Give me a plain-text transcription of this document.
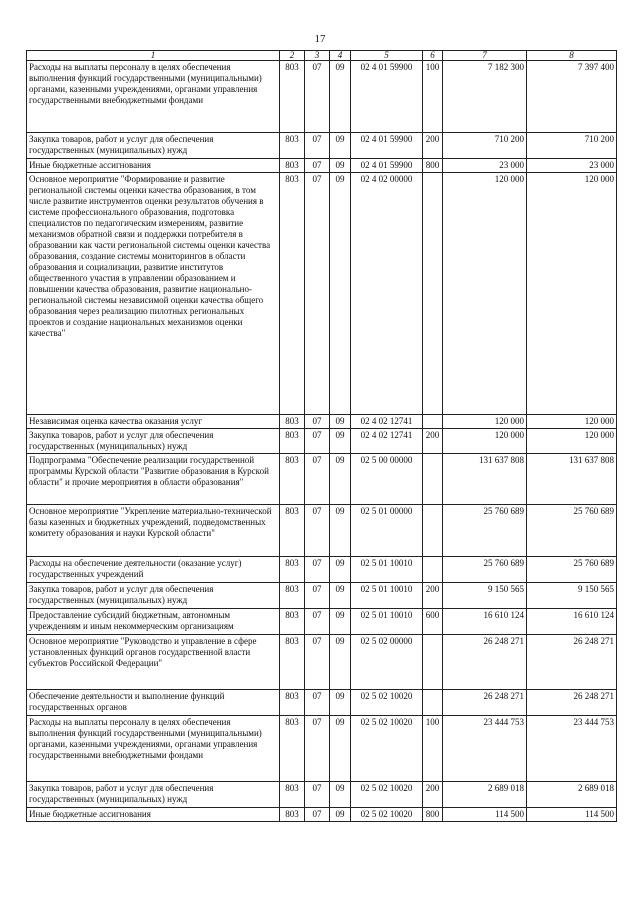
17
1	2	3	4	5	6	7	8
Расходы на выплаты персоналу в целях обеспечения выполнения функций государственными (муниципальными) органами, казенными учреждениями, органами управления государственными внебюджетными фондами	803	07	09	02 4 01 59900	100	7 182 300	7 397 400
Закупка товаров, работ и услуг для обеспечения государственных (муниципальных) нужд	803	07	09	02 4 01 59900	200	710 200	710 200
Иные бюджетные ассигнования	803	07	09	02 4 01 59900	800	23 000	23 000
Основное мероприятие "Формирование и развитие региональной системы оценки качества образования, в том числе развитие инструментов оценки результатов обучения в системе профессионального образования, подготовка специалистов по педагогическим измерениям, развитие механизмов обратной связи и поддержки потребителя в образовании как части региональной системы оценки качества образования, создание системы мониторингов в области образования и социализации, развитие институтов общественного участия в управлении образованием и повышении качества образования, развитие национально-региональной системы независимой оценки качества общего образования через реализацию пилотных региональных проектов и создание национальных механизмов оценки качества"	803	07	09	02 4 02 00000		120 000	120 000
Независимая оценка качества оказания услуг	803	07	09	02 4 02 12741		120 000	120 000
Закупка товаров, работ и услуг для обеспечения государственных (муниципальных) нужд	803	07	09	02 4 02 12741	200	120 000	120 000
Подпрограмма "Обеспечение реализации государственной программы Курской области "Развитие образования в Курской области" и прочие мероприятия в области образования"	803	07	09	02 5 00 00000		131 637 808	131 637 808
Основное мероприятие "Укрепление материально-технической базы казенных и бюджетных учреждений, подведомственных комитету образования и науки Курской области"	803	07	09	02 5 01 00000		25 760 689	25 760 689
Расходы на обеспечение деятельности (оказание услуг) государственных учреждений	803	07	09	02 5 01 10010		25 760 689	25 760 689
Закупка товаров, работ и услуг для обеспечения государственных (муниципальных) нужд	803	07	09	02 5 01 10010	200	9 150 565	9 150 565
Предоставление субсидий бюджетным, автономным учреждениям и иным некоммерческим организациям	803	07	09	02 5 01 10010	600	16 610 124	16 610 124
Основное мероприятие "Руководство и управление в сфере установленных функций органов государственной власти субъектов Российской Федерации"	803	07	09	02 5 02 00000		26 248 271	26 248 271
Обеспечение деятельности и выполнение функций государственных органов	803	07	09	02 5 02 10020		26 248 271	26 248 271
Расходы на выплаты персоналу в целях обеспечения выполнения функций государственными (муниципальными) органами, казенными учреждениями, органами управления государственными внебюджетными фондами	803	07	09	02 5 02 10020	100	23 444 753	23 444 753
Закупка товаров, работ и услуг для обеспечения государственных (муниципальных) нужд	803	07	09	02 5 02 10020	200	2 689 018	2 689 018
Иные бюджетные ассигнования	803	07	09	02 5 02 10020	800	114 500	114 500
